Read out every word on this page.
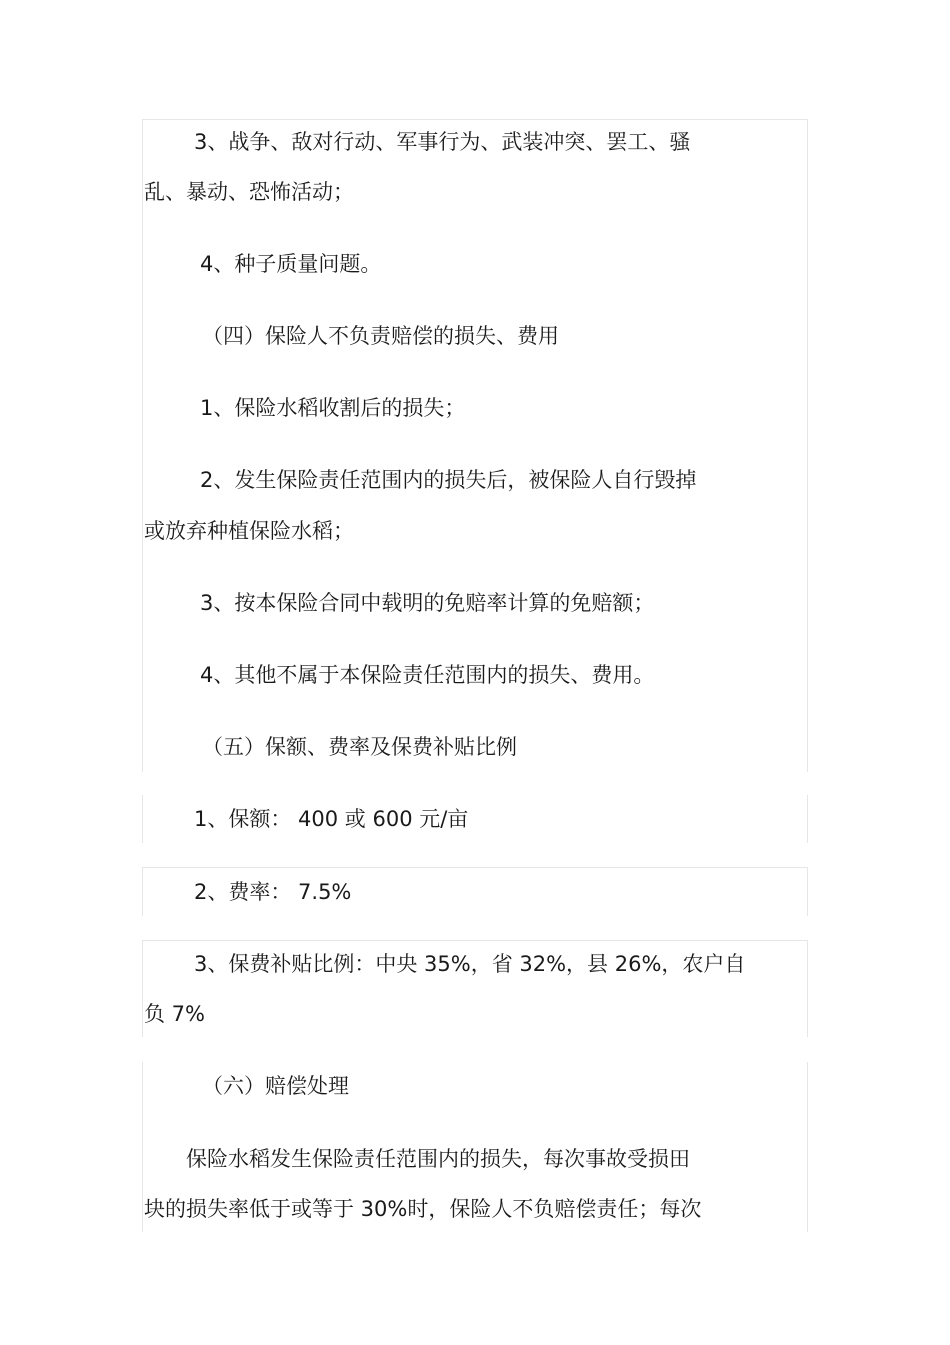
3、战争、敌对行动、军事行为、武装冲突、罢工、骚

乱、暴动、恐怖活动；

4、种子质量问题。

（四）保险人不负责赔偿的损失、费用

1、保险水稻收割后的损失；

2、发生保险责任范围内的损失后，被保险人自行毁掉

或放弃种植保险水稻；

3、按本保险合同中载明的免赔率计算的免赔额；

4、其他不属于本保险责任范围内的损失、费用。

（五）保额、费率及保费补贴比例

1、保额： 400 或 600 元/亩

2、费率： 7.5%

3、保费补贴比例：中央 35%，省 32%，县 26%，农户自

负 7%

（六）赔偿处理

保险水稻发生保险责任范围内的损失，每次事故受损田

块的损失率低于或等于 30%时，保险人不负赔偿责任；每次
